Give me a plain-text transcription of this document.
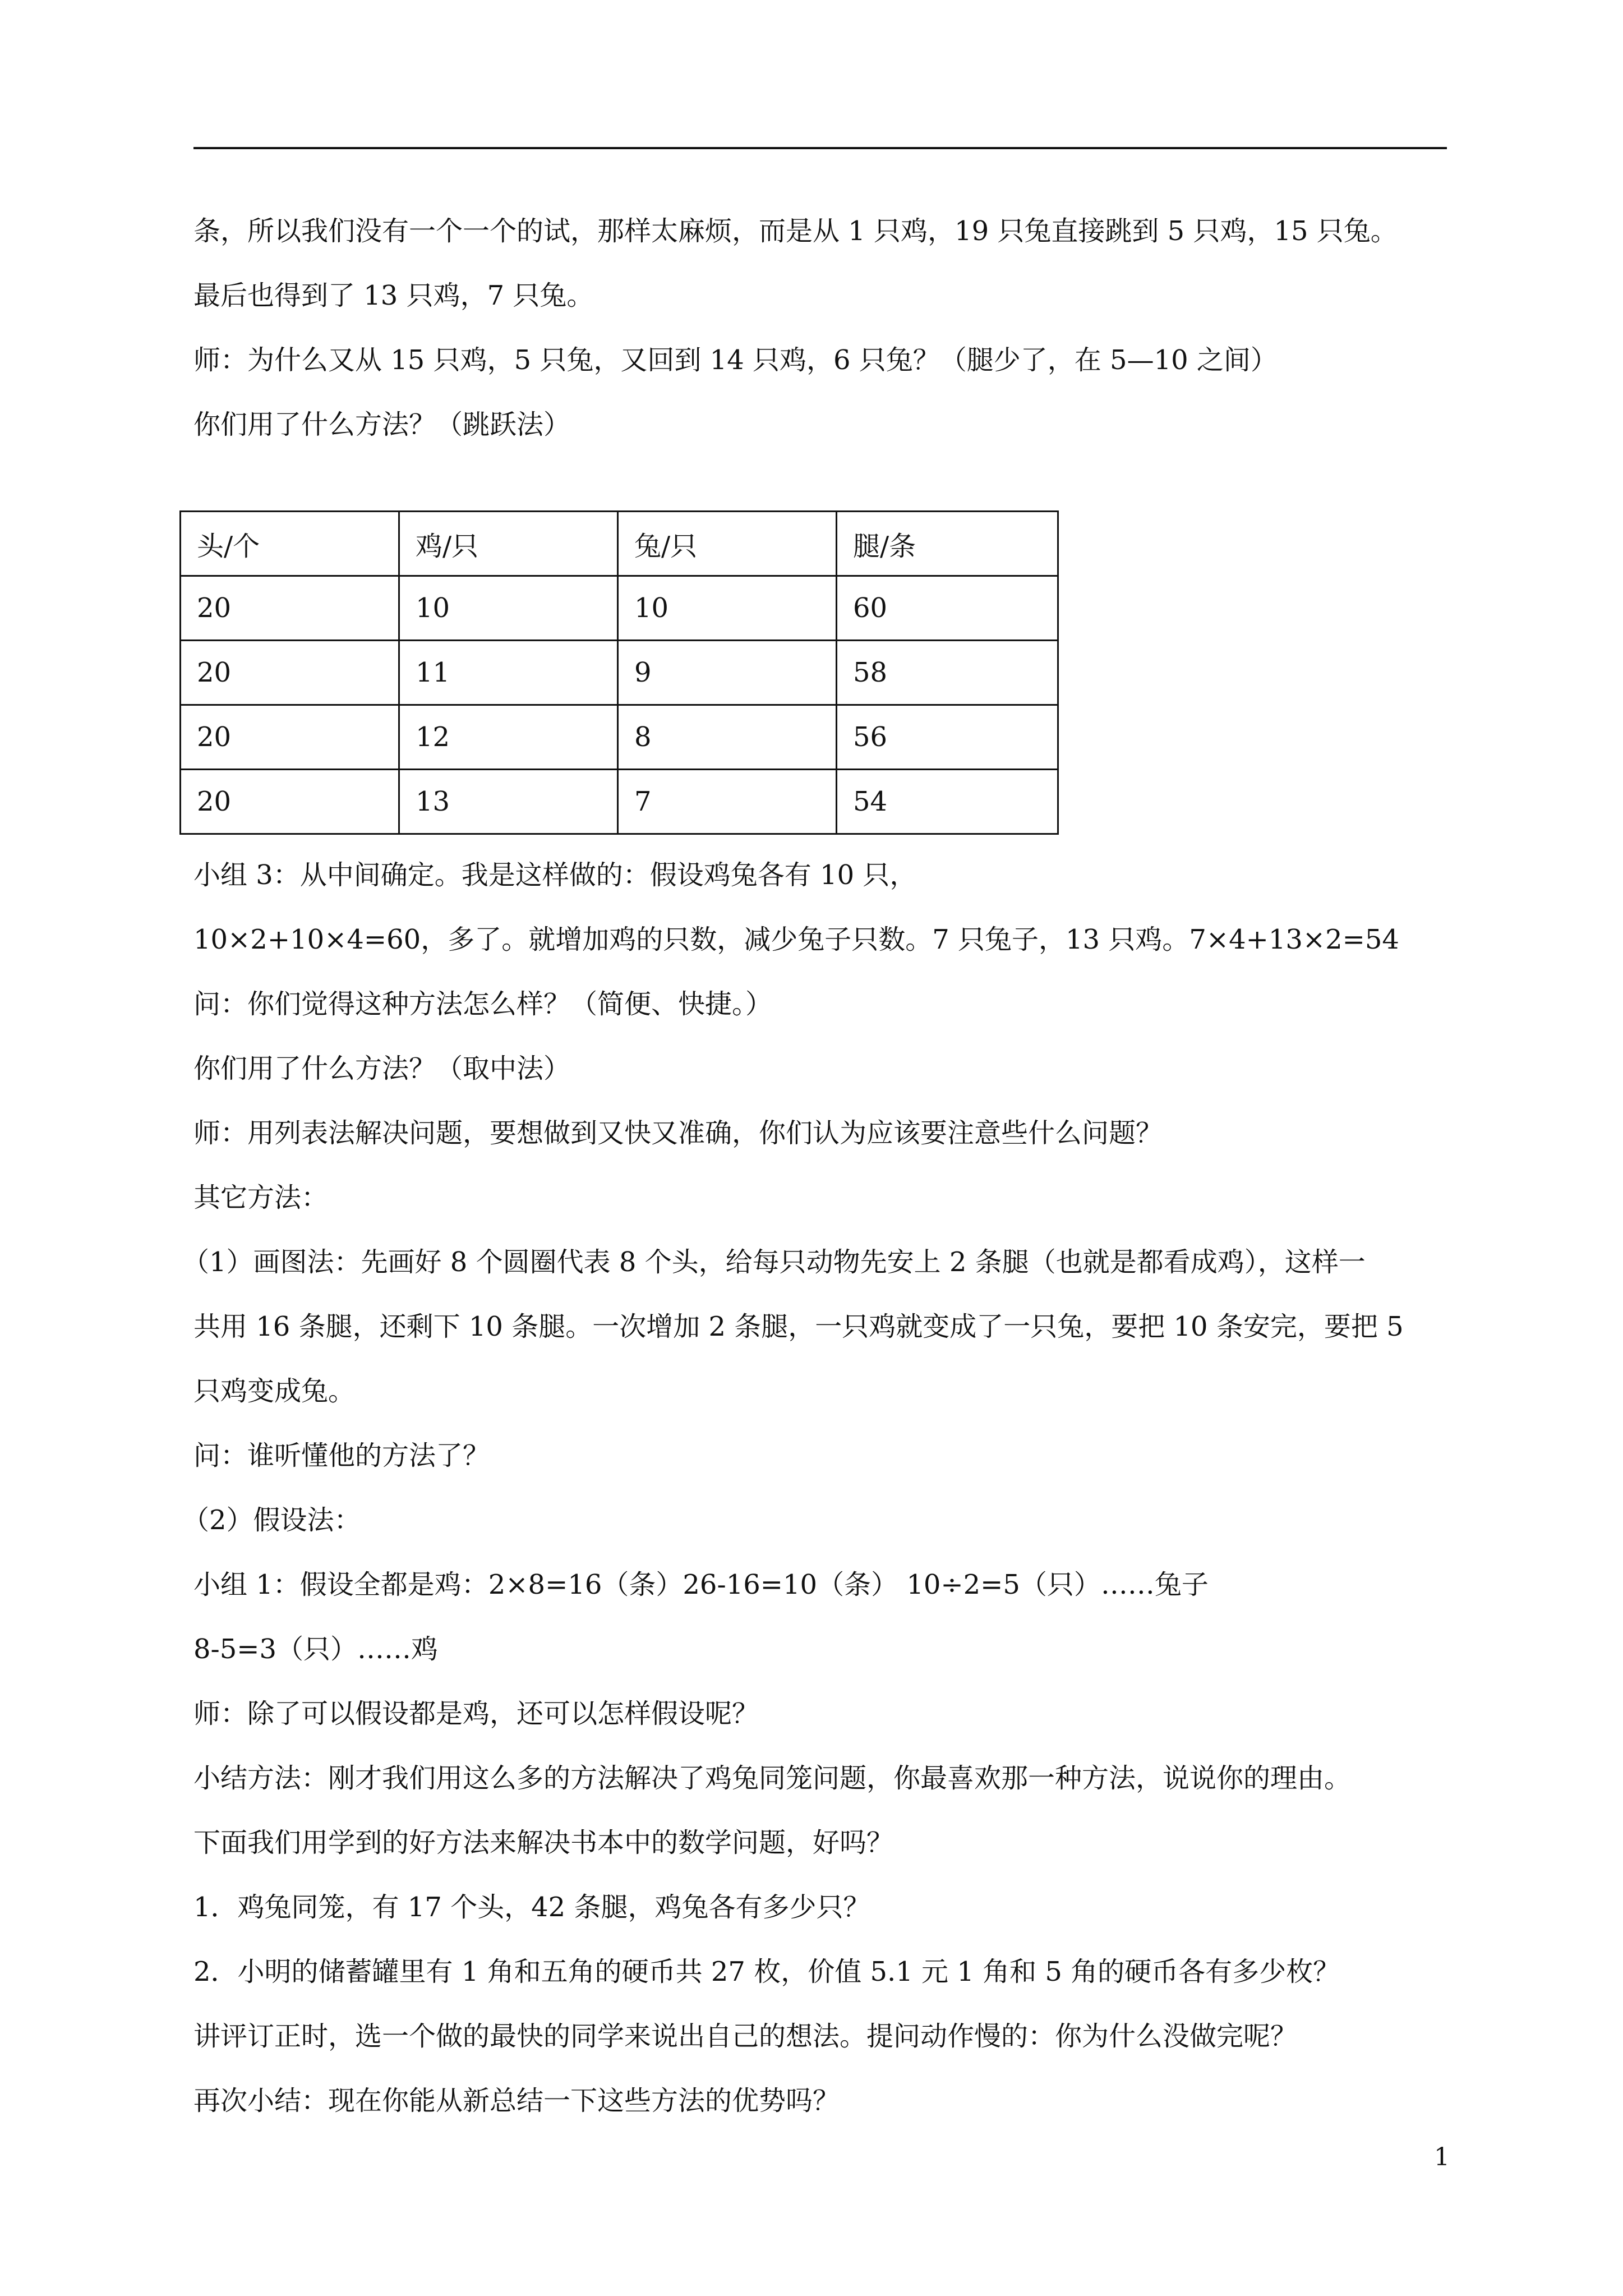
条，所以我们没有一个一个的试，那样太麻烦，而是从 1 只鸡，19 只兔直接跳到 5 只鸡，15 只兔。
最后也得到了 13 只鸡，7 只兔。
师：为什么又从 15 只鸡，5 只兔，又回到 14 只鸡，6 只兔？（腿少了，在 5—10 之间）
你们用了什么方法？（跳跃法）
头/个	鸡/只	兔/只	腿/条
20	10	10	60
20	11	9	58
20	12	8	56
20	13	7	54
小组 3：从中间确定。我是这样做的：假设鸡兔各有 10 只，
10×2+10×4=60，多了。就增加鸡的只数，减少兔子只数。7 只兔子，13 只鸡。7×4+13×2=54
问：你们觉得这种方法怎么样？（简便、快捷。）
你们用了什么方法？（取中法）
师：用列表法解决问题，要想做到又快又准确，你们认为应该要注意些什么问题？
其它方法：
（1）画图法：先画好 8 个圆圈代表 8 个头，给每只动物先安上 2 条腿（也就是都看成鸡），这样一
共用 16 条腿，还剩下 10 条腿。一次增加 2 条腿，一只鸡就变成了一只兔，要把 10 条安完，要把 5
只鸡变成兔。
问：谁听懂他的方法了？
（2）假设法：
小组 1：假设全都是鸡：2×8=16（条）26-16=10（条） 10÷2=5（只）……兔子
8-5=3（只）……鸡
师：除了可以假设都是鸡，还可以怎样假设呢？
小结方法：刚才我们用这么多的方法解决了鸡兔同笼问题，你最喜欢那一种方法，说说你的理由。
下面我们用学到的好方法来解决书本中的数学问题，好吗？
1．鸡兔同笼，有 17 个头，42 条腿，鸡兔各有多少只？
2．小明的储蓄罐里有 1 角和五角的硬币共 27 枚，价值 5.1 元 1 角和 5 角的硬币各有多少枚？
讲评订正时，选一个做的最快的同学来说出自己的想法。提问动作慢的：你为什么没做完呢？
再次小结：现在你能从新总结一下这些方法的优势吗？
1
